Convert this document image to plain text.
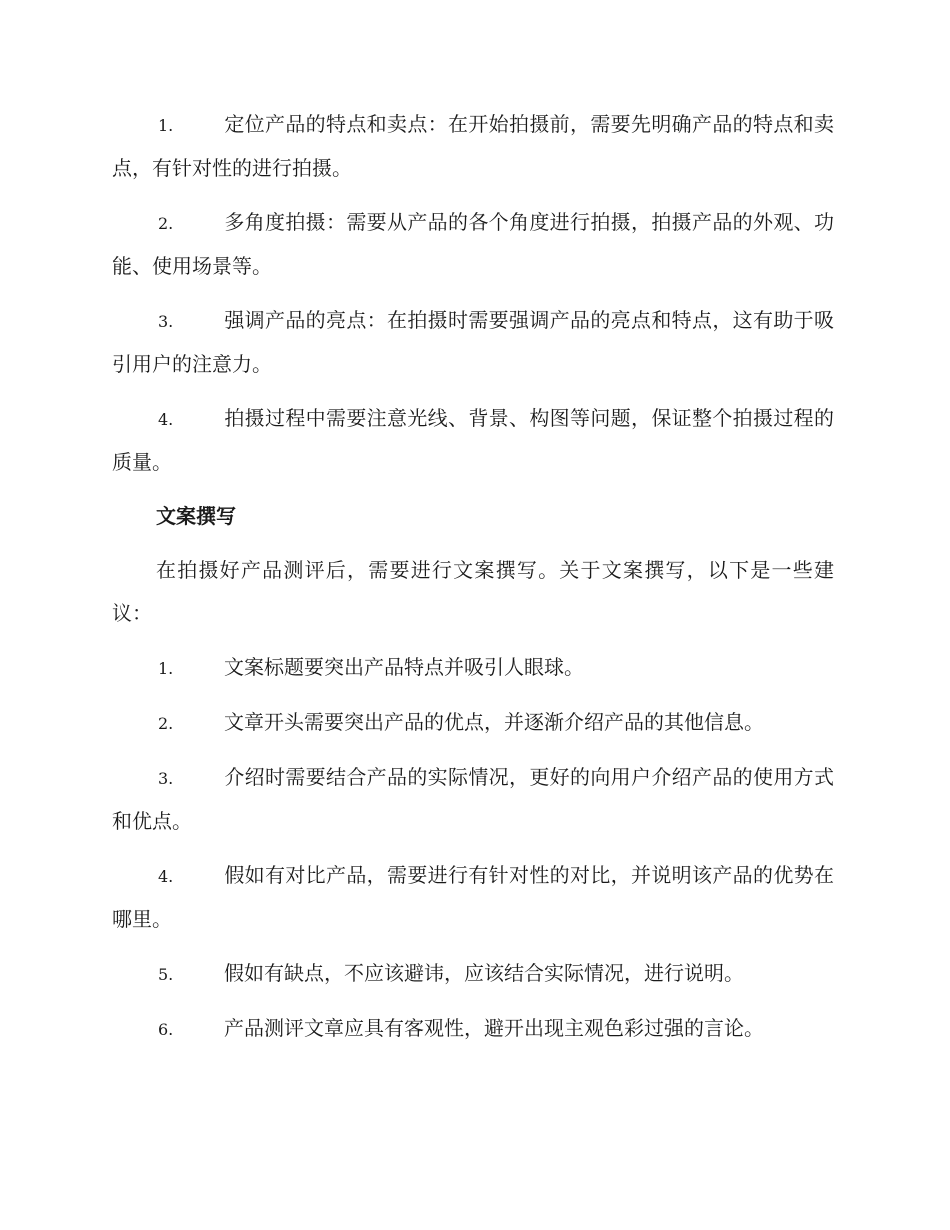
1.	定位产品的特点和卖点：在开始拍摄前，需要先明确产品的特点和卖点，有针对性的进行拍摄。
2.	多角度拍摄：需要从产品的各个角度进行拍摄，拍摄产品的外观、功能、使用场景等。
3.	强调产品的亮点：在拍摄时需要强调产品的亮点和特点，这有助于吸引用户的注意力。
4.	拍摄过程中需要注意光线、背景、构图等问题，保证整个拍摄过程的质量。
文案撰写
在拍摄好产品测评后，需要进行文案撰写。关于文案撰写，以下是一些建议：
1.	文案标题要突出产品特点并吸引人眼球。
2.	文章开头需要突出产品的优点，并逐渐介绍产品的其他信息。
3.	介绍时需要结合产品的实际情况，更好的向用户介绍产品的使用方式和优点。
4.	假如有对比产品，需要进行有针对性的对比，并说明该产品的优势在哪里。
5.	假如有缺点，不应该避讳，应该结合实际情况，进行说明。
6.	产品测评文章应具有客观性，避开出现主观色彩过强的言论。
